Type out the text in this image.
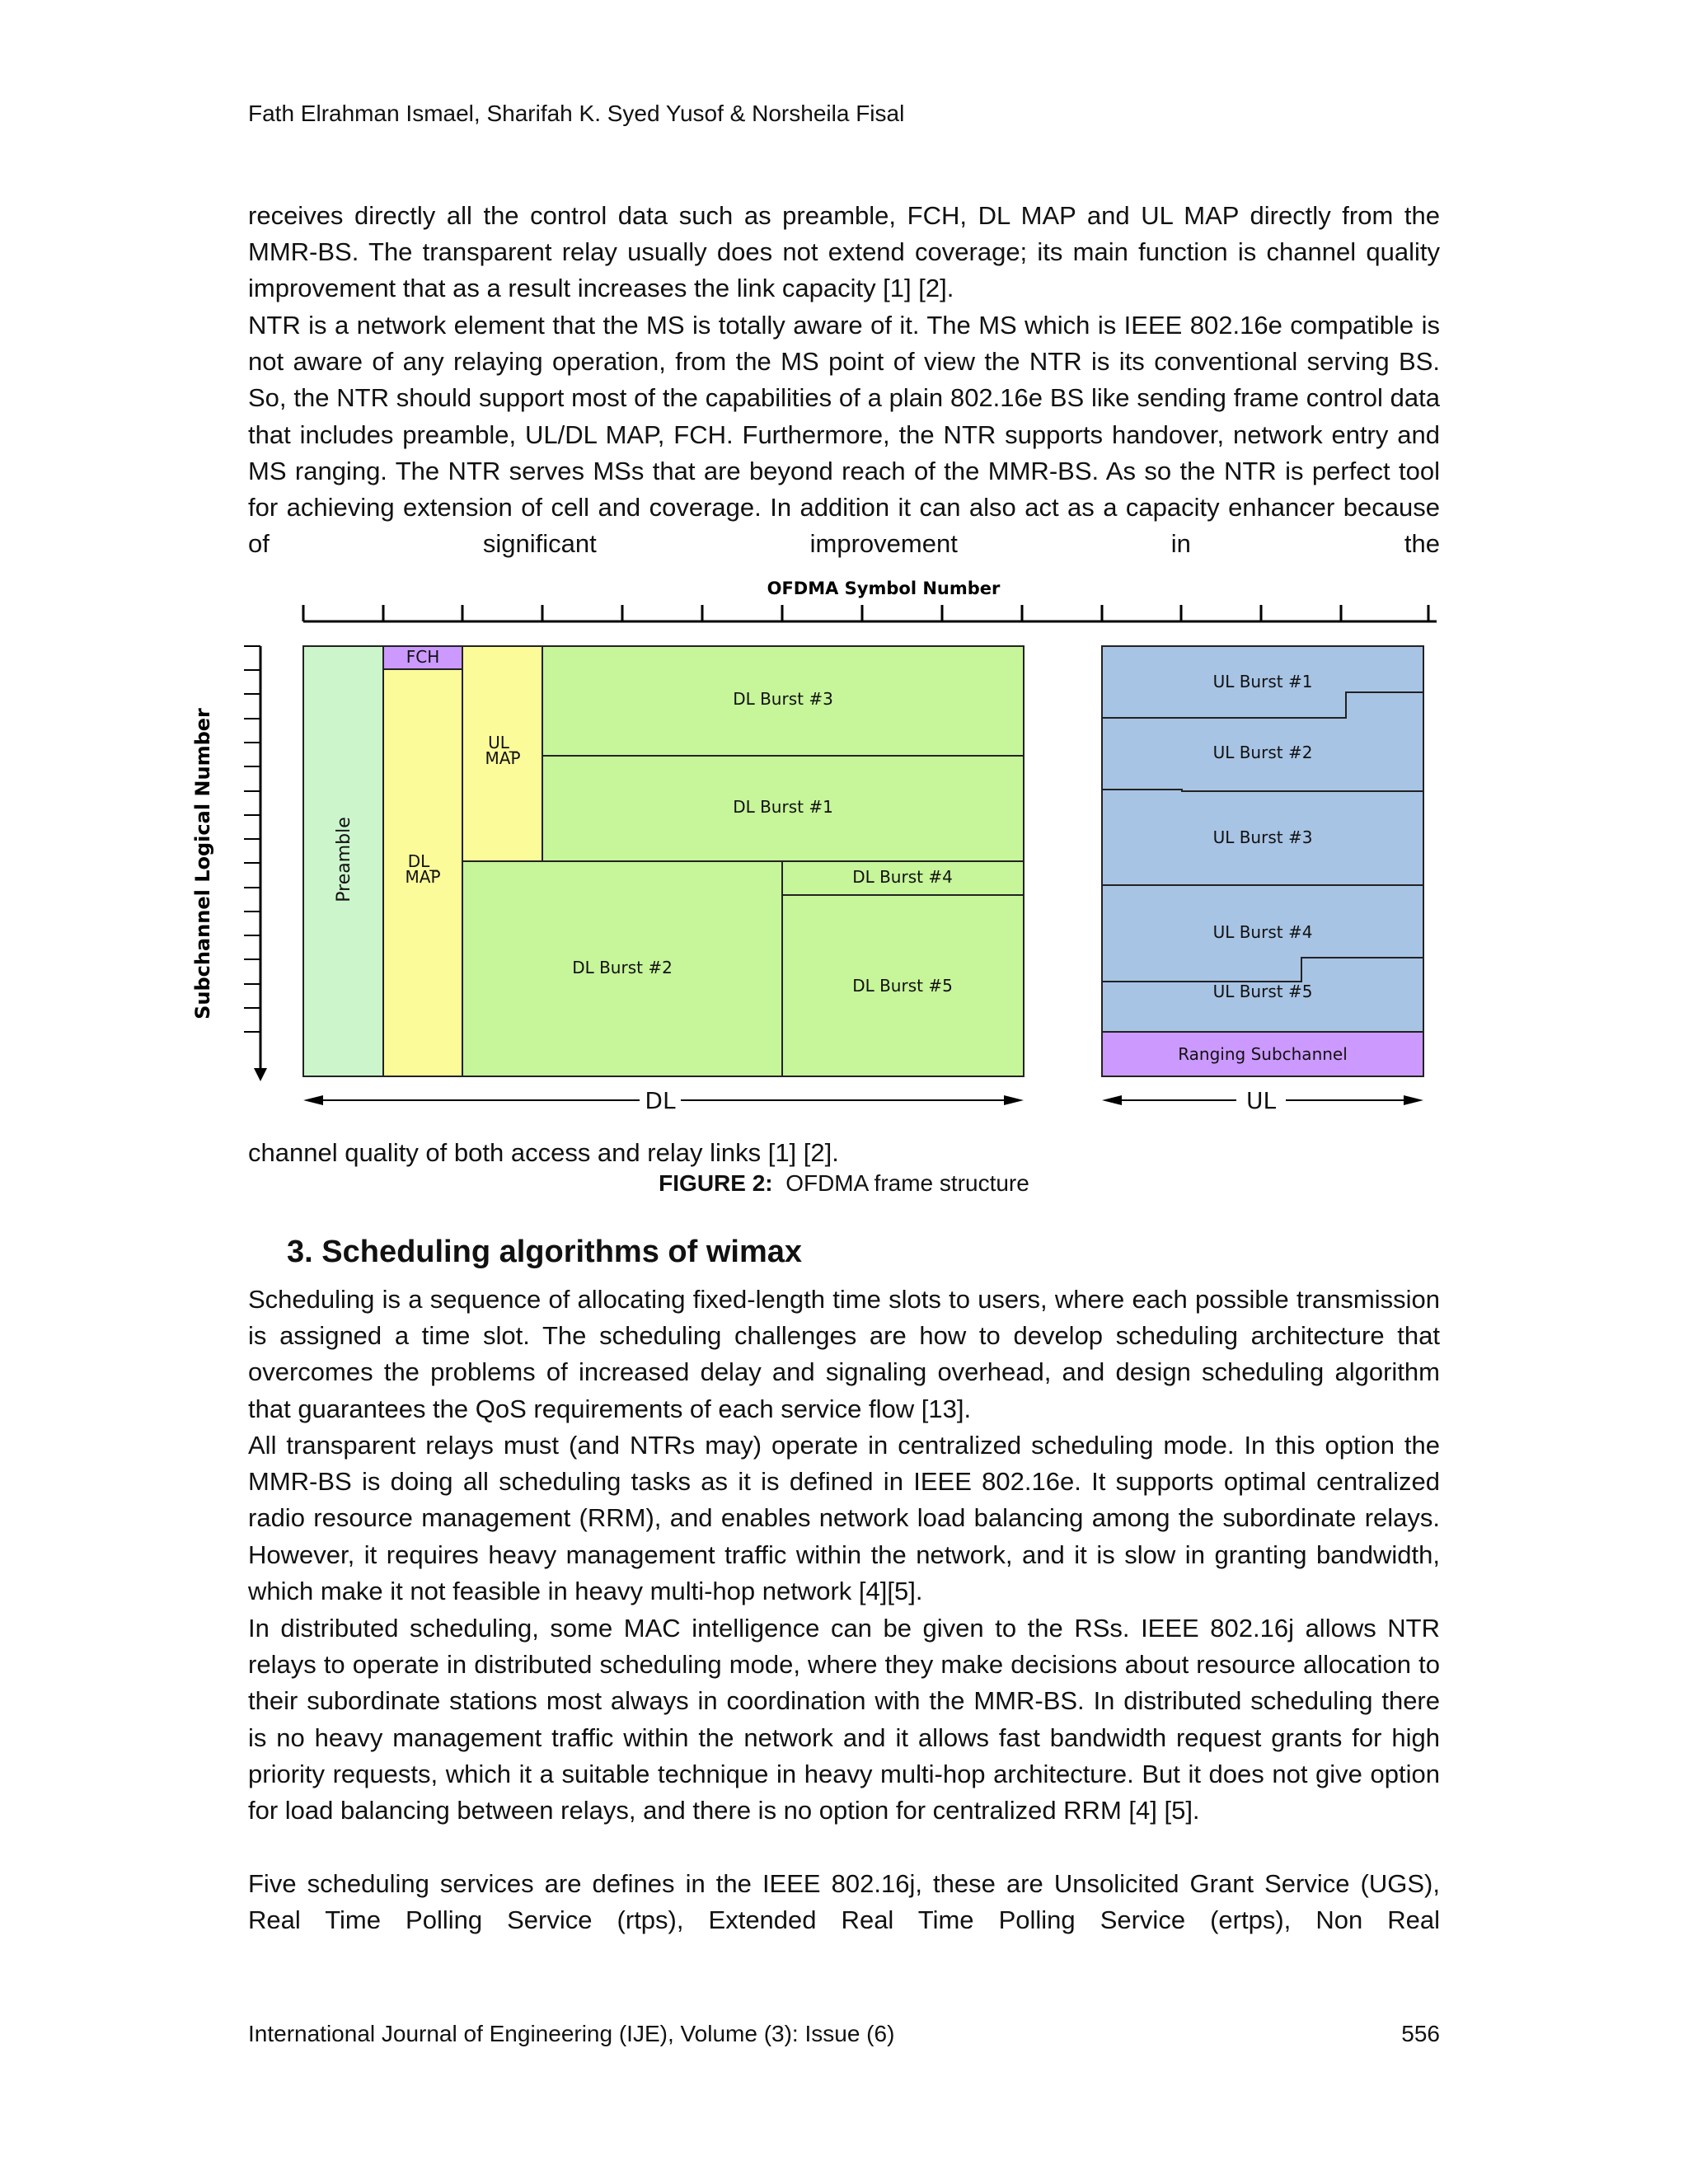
Fath Elrahman Ismael, Sharifah K. Syed Yusof & Norsheila Fisal

receives directly all the control data such as preamble, FCH, DL MAP and UL MAP directly from the MMR-BS. The transparent relay usually does not extend coverage; its main function is channel quality improvement that as a result increases the link capacity [1] [2].

NTR is a network element that the MS is totally aware of it. The MS which is IEEE 802.16e compatible is not aware of any relaying operation, from the MS point of view the NTR is its conventional serving BS. So, the NTR should support most of the capabilities of a plain 802.16e BS like sending frame control data that includes preamble, UL/DL MAP, FCH. Furthermore, the NTR supports handover, network entry and MS ranging. The NTR serves MSs that are beyond reach of the MMR-BS. As so the NTR is perfect tool for achieving extension of cell and coverage. In addition it can also act as a capacity enhancer because of significant improvement in the

OFDMA Symbol Number
Subchannel Logical Number
FCH
Preamble
UL_
MAP
DL_
MAP
DL Burst #3
DL Burst #1
DL Burst #4
DL Burst #2
DL Burst #5
UL Burst #1
UL Burst #2
UL Burst #3
UL Burst #4
UL Burst #5
Ranging Subchannel
DL	UL

channel quality of both access and relay links [1] [2].

FIGURE 2: OFDMA frame structure
3. Scheduling algorithms of wimax

Scheduling is a sequence of allocating fixed-length time slots to users, where each possible transmission is assigned a time slot. The scheduling challenges are how to develop scheduling architecture that overcomes the problems of increased delay and signaling overhead, and design scheduling algorithm that guarantees the QoS requirements of each service flow [13].

All transparent relays must (and NTRs may) operate in centralized scheduling mode. In this option the MMR-BS is doing all scheduling tasks as it is defined in IEEE 802.16e. It supports optimal centralized radio resource management (RRM), and enables network load balancing among the subordinate relays. However, it requires heavy management traffic within the network, and it is slow in granting bandwidth, which make it not feasible in heavy multi-hop network [4][5].

In distributed scheduling, some MAC intelligence can be given to the RSs. IEEE 802.16j allows NTR relays to operate in distributed scheduling mode, where they make decisions about resource allocation to their subordinate stations most always in coordination with the MMR-BS. In distributed scheduling there is no heavy management traffic within the network and it allows fast bandwidth request grants for high priority requests, which it a suitable technique in heavy multi-hop architecture. But it does not give option for load balancing between relays, and there is no option for centralized RRM [4] [5].

Five scheduling services are defines in the IEEE 802.16j, these are Unsolicited Grant Service (UGS), Real Time Polling Service (rtps), Extended Real Time Polling Service (ertps), Non Real

International Journal of Engineering (IJE), Volume (3): Issue (6)	556
